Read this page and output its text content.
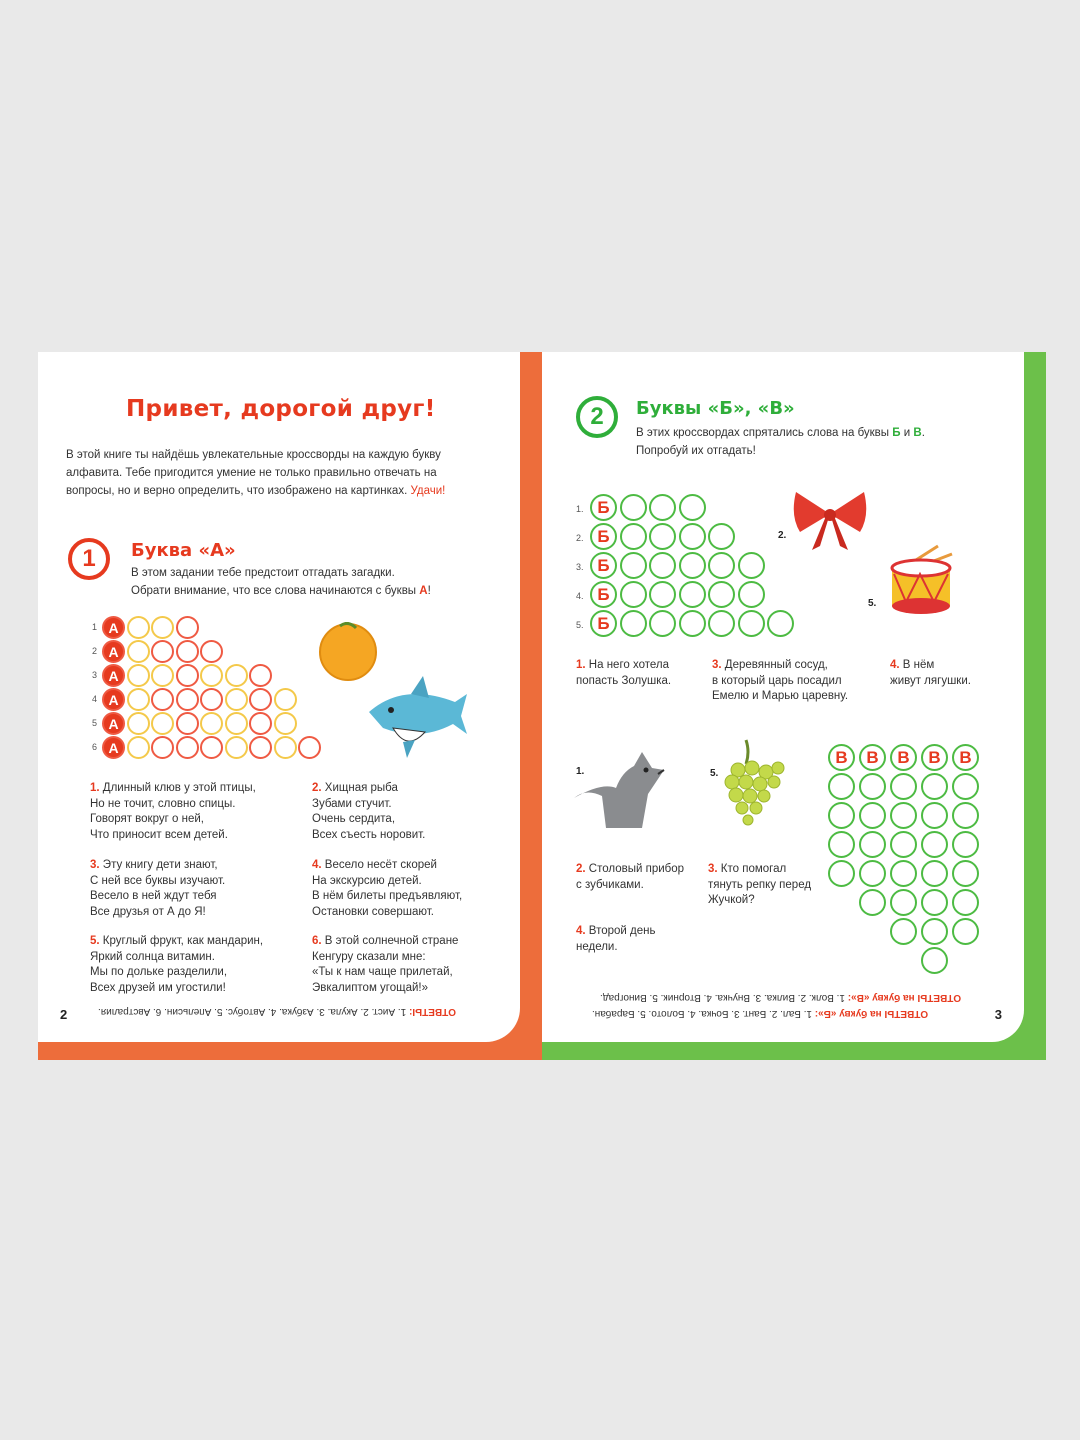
Привет, дорогой друг!
В этой книге ты найдёшь увлекательные кроссворды на каждую букву алфавита. Тебе пригодится умение не только правильно отвечать на вопросы, но и верно определить, что изображено на картинках. Удачи!
1	Буква «А»
В этом задании тебе предстоит отгадать загадки.
Обрати внимание, что все слова начинаются с буквы А!
1 А
2 А
3 А
4 А
5 А
6 А
1. Длинный клюв у этой птицы,
Но не точит, словно спицы.
Говорят вокруг о ней,
Что приносит всем детей.
2. Хищная рыба
Зубами стучит.
Очень сердита,
Всех съесть норовит.
3. Эту книгу дети знают,
С ней все буквы изучают.
Весело в ней ждут тебя
Все друзья от А до Я!
4. Весело несёт скорей
На экскурсию детей.
В нём билеты предъявляют,
Остановки совершают.
5. Круглый фрукт, как мандарин,
Яркий солнца витамин.
Мы по дольке разделили,
Всех друзей им угостили!
6. В этой солнечной стране
Кенгуру сказали мне:
«Ты к нам чаще прилетай,
Эвкалиптом угощай!»
ОТВЕТЫ: 1. Аист. 2. Акула. 3. Азбука. 4. Автобус. 5. Апельсин. 6. Австралия.
2
2	Буквы «Б», «В»
В этих кроссвордах спрятались слова на буквы Б и В.
Попробуй их отгадать!
1. Б
2. Б
3. Б
4. Б
5. Б
2.
5.
1. На него хотела
попасть Золушка.
3. Деревянный сосуд,
в который царь посадил
Емелю и Марью царевну.
4. В нём
живут лягушки.
1.	5.
В	В	В	В	В
2. Столовый прибор
с зубчиками.
3. Кто помогал
тянуть репку перед
Жучкой?
4. Второй день
недели.
ОТВЕТЫ на букву «В»: 1. Волк. 2. Вилка. 3. Внучка. 4. Вторник. 5. Виноград.
ОТВЕТЫ на букву «Б»: 1. Бал. 2. Бант. 3. Бочка. 4. Болото. 5. Барабан.	3
